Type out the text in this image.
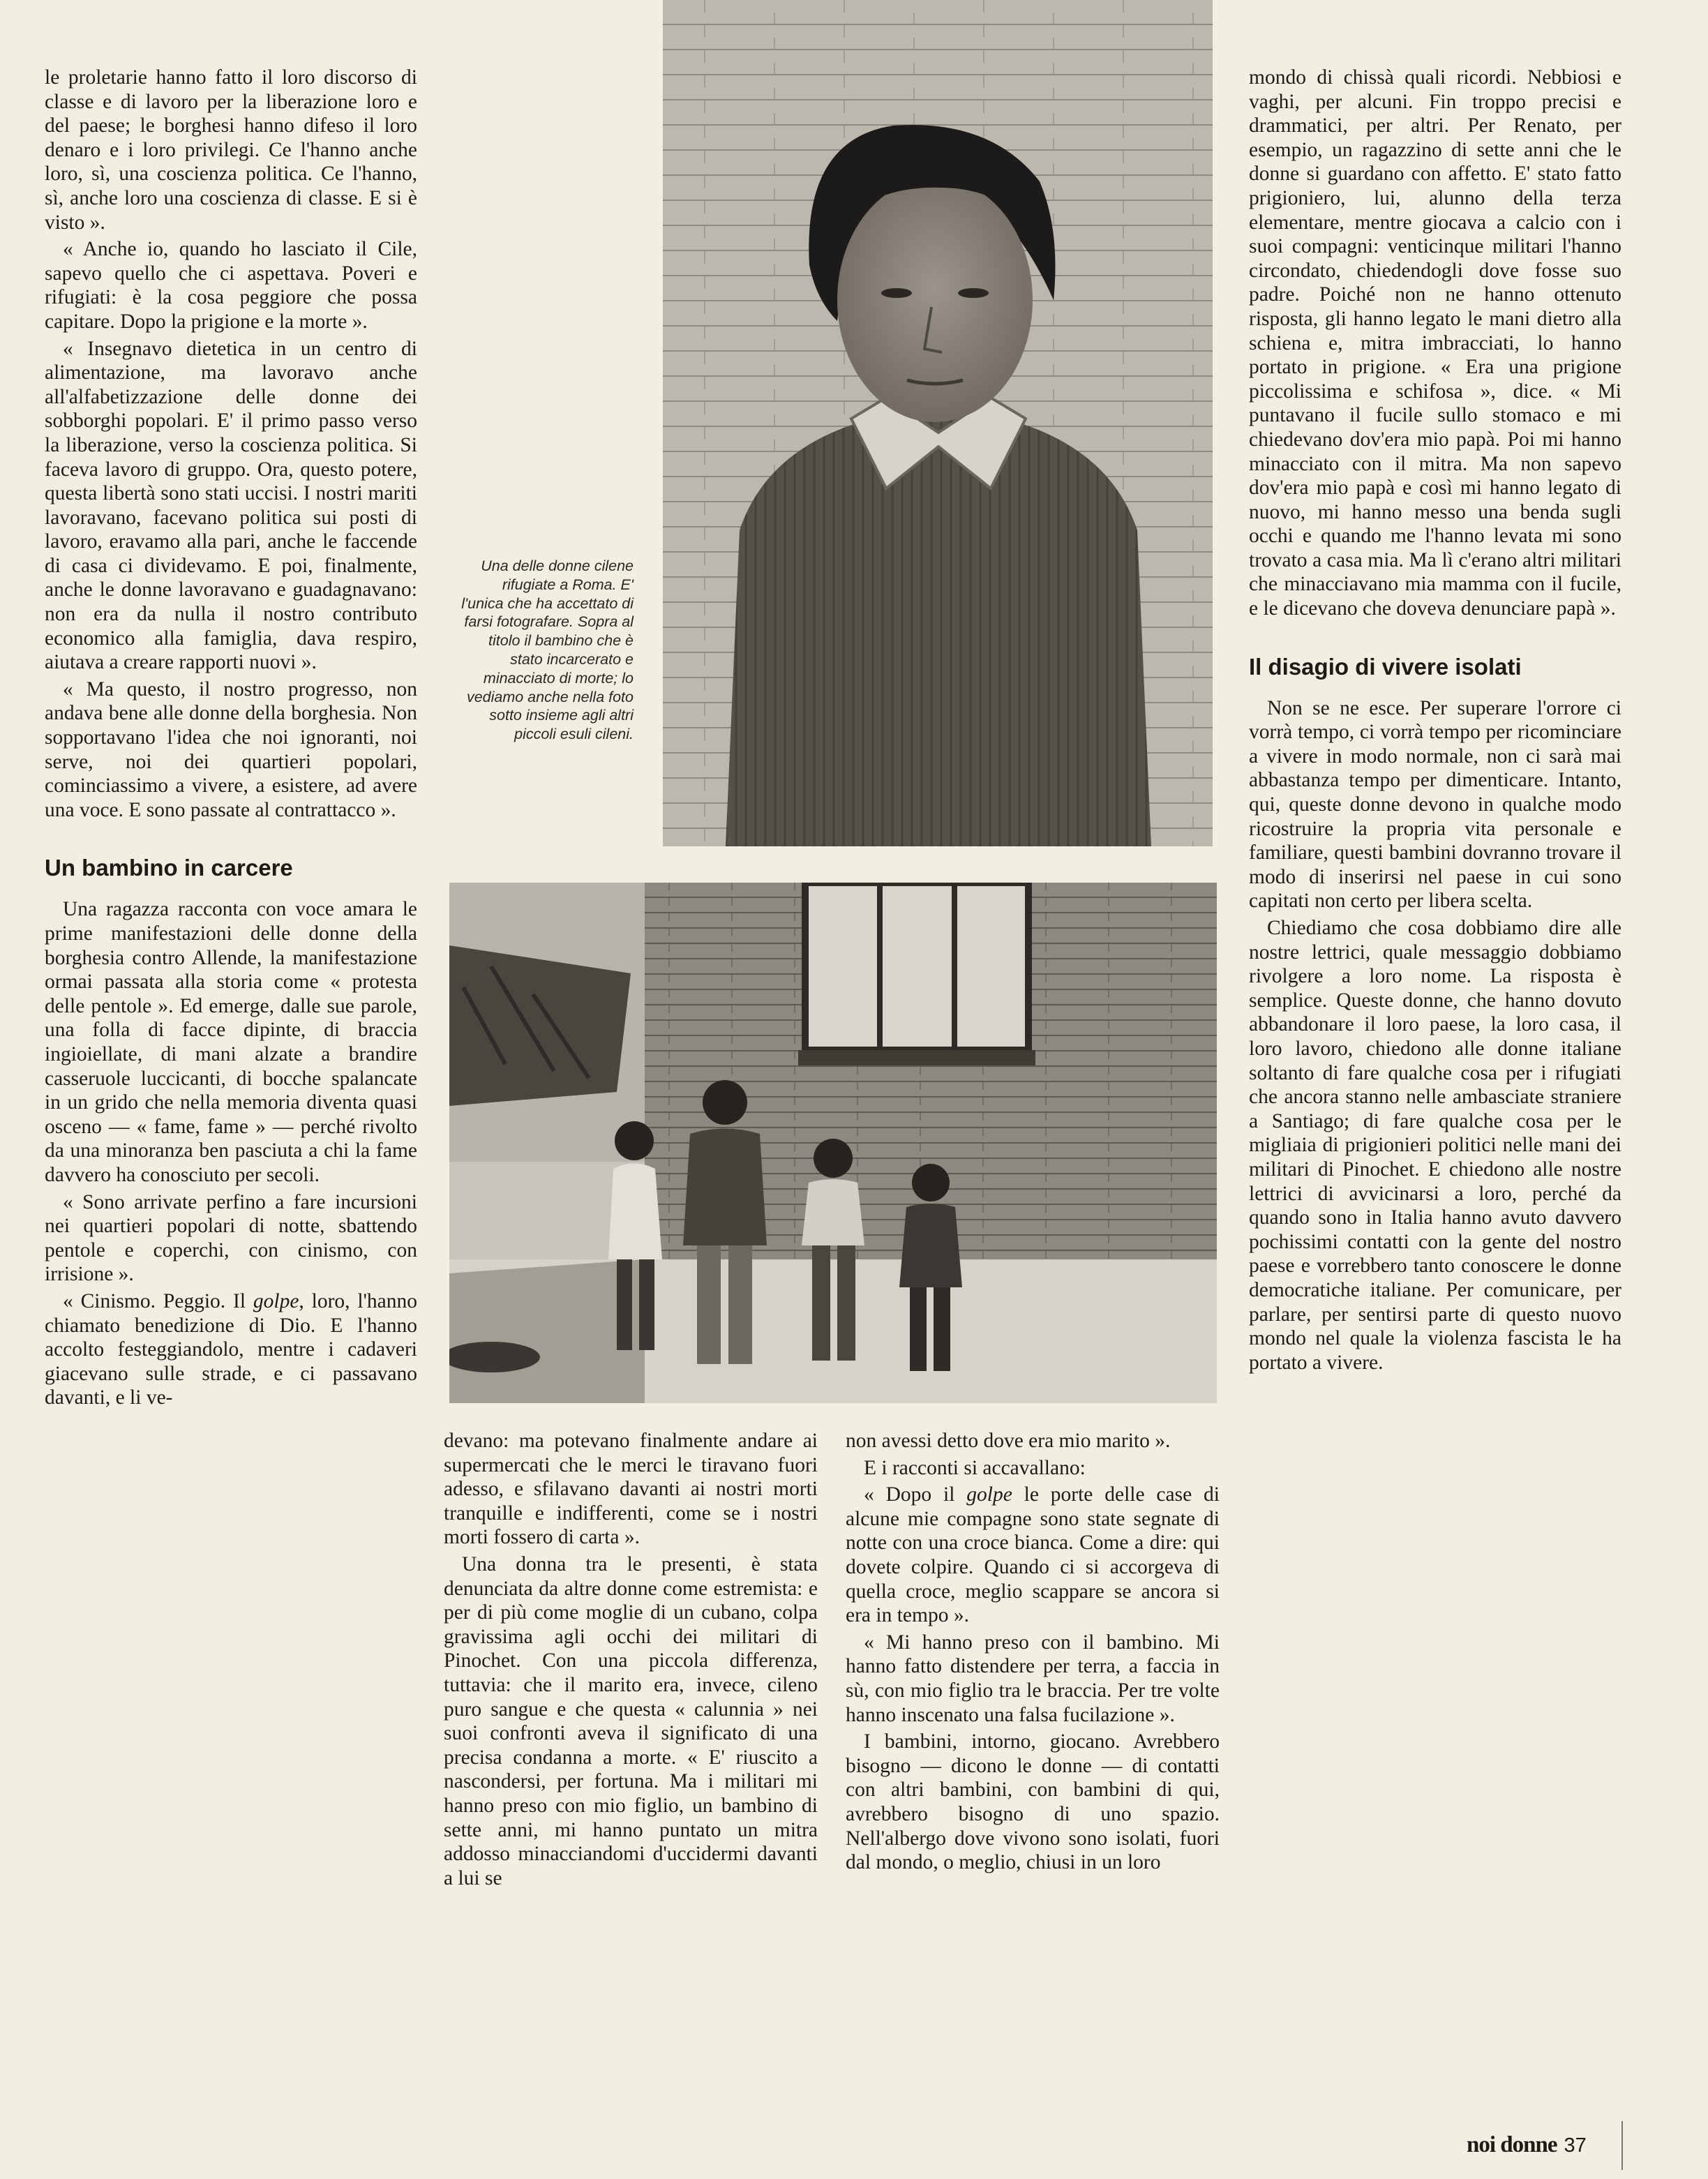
le proletarie hanno fatto il loro discorso di classe e di lavoro per la liberazione loro e del paese; le borghesi hanno difeso il loro denaro e i loro privilegi. Ce l'hanno anche loro, sì, una coscienza politica. Ce l'hanno, sì, anche loro una coscienza di classe. E si è visto ».

« Anche io, quando ho lasciato il Cile, sapevo quello che ci aspettava. Poveri e rifugiati: è la cosa peggiore che possa capitare. Dopo la prigione e la morte ».

« Insegnavo dietetica in un centro di alimentazione, ma lavoravo anche all'alfabetizzazione delle donne dei sobborghi popolari. E' il primo passo verso la liberazione, verso la coscienza politica. Si faceva lavoro di gruppo. Ora, questo potere, questa libertà sono stati uccisi. I nostri mariti lavoravano, facevano politica sui posti di lavoro, eravamo alla pari, anche le faccende di casa ci dividevamo. E poi, finalmente, anche le donne lavoravano e guadagnavano: non era da nulla il nostro contributo economico alla famiglia, dava respiro, aiutava a creare rapporti nuovi ».

« Ma questo, il nostro progresso, non andava bene alle donne della borghesia. Non sopportavano l'idea che noi ignoranti, noi serve, noi dei quartieri popolari, cominciassimo a vivere, a esistere, ad avere una voce. E sono passate al contrattacco ».

Un bambino in carcere

Una ragazza racconta con voce amara le prime manifestazioni delle donne della borghesia contro Allende, la manifestazione ormai passata alla storia come « protesta delle pentole ». Ed emerge, dalle sue parole, una folla di facce dipinte, di braccia ingioiellate, di mani alzate a brandire casseruole luccicanti, di bocche spalancate in un grido che nella memoria diventa quasi osceno — « fame, fame » — perché rivolto da una minoranza ben pasciuta a chi la fame davvero ha conosciuto per secoli.

« Sono arrivate perfino a fare incursioni nei quartieri popolari di notte, sbattendo pentole e coperchi, con cinismo, con irrisione ».

« Cinismo. Peggio. Il golpe, loro, l'hanno chiamato benedizione di Dio. E l'hanno accolto festeggiandolo, mentre i cadaveri giacevano sulle strade, e ci passavano davanti, e li ve-

Una delle donne cilene rifugiate a Roma. E' l'unica che ha accettato di farsi fotografare. Sopra al titolo il bambino che è stato incarcerato e minacciato di morte; lo vediamo anche nella foto sotto insieme agli altri piccoli esuli cileni.

devano: ma potevano finalmente andare ai supermercati che le merci le tiravano fuori adesso, e sfilavano davanti ai nostri morti tranquille e indifferenti, come se i nostri morti fossero di carta ».

Una donna tra le presenti, è stata denunciata da altre donne come estremista: e per di più come moglie di un cubano, colpa gravissima agli occhi dei militari di Pinochet. Con una piccola differenza, tuttavia: che il marito era, invece, cileno puro sangue e che questa « calunnia » nei suoi confronti aveva il significato di una precisa condanna a morte. « E' riuscito a nascondersi, per fortuna. Ma i militari mi hanno preso con mio figlio, un bambino di sette anni, mi hanno puntato un mitra addosso minacciandomi d'uccidermi davanti a lui se

non avessi detto dove era mio marito ».

E i racconti si accavallano:

« Dopo il golpe le porte delle case di alcune mie compagne sono state segnate di notte con una croce bianca. Come a dire: qui dovete colpire. Quando ci si accorgeva di quella croce, meglio scappare se ancora si era in tempo ».

« Mi hanno preso con il bambino. Mi hanno fatto distendere per terra, a faccia in sù, con mio figlio tra le braccia. Per tre volte hanno inscenato una falsa fucilazione ».

I bambini, intorno, giocano. Avrebbero bisogno — dicono le donne — di contatti con altri bambini, con bambini di qui, avrebbero bisogno di uno spazio. Nell'albergo dove vivono sono isolati, fuori dal mondo, o meglio, chiusi in un loro

mondo di chissà quali ricordi. Nebbiosi e vaghi, per alcuni. Fin troppo precisi e drammatici, per altri. Per Renato, per esempio, un ragazzino di sette anni che le donne si guardano con affetto. E' stato fatto prigioniero, lui, alunno della terza elementare, mentre giocava a calcio con i suoi compagni: venticinque militari l'hanno circondato, chiedendogli dove fosse suo padre. Poiché non ne hanno ottenuto risposta, gli hanno legato le mani dietro alla schiena e, mitra imbracciati, lo hanno portato in prigione. « Era una prigione piccolissima e schifosa », dice. « Mi puntavano il fucile sullo stomaco e mi chiedevano dov'era mio papà. Poi mi hanno minacciato con il mitra. Ma non sapevo dov'era mio papà e così mi hanno legato di nuovo, mi hanno messo una benda sugli occhi e quando me l'hanno levata mi sono trovato a casa mia. Ma lì c'erano altri militari che minacciavano mia mamma con il fucile, e le dicevano che doveva denunciare papà ».

Il disagio di vivere isolati

Non se ne esce. Per superare l'orrore ci vorrà tempo, ci vorrà tempo per ricominciare a vivere in modo normale, non ci sarà mai abbastanza tempo per dimenticare. Intanto, qui, queste donne devono in qualche modo ricostruire la propria vita personale e familiare, questi bambini dovranno trovare il modo di inserirsi nel paese in cui sono capitati non certo per libera scelta.

Chiediamo che cosa dobbiamo dire alle nostre lettrici, quale messaggio dobbiamo rivolgere a loro nome. La risposta è semplice. Queste donne, che hanno dovuto abbandonare il loro paese, la loro casa, il loro lavoro, chiedono alle donne italiane soltanto di fare qualche cosa per i rifugiati che ancora stanno nelle ambasciate straniere a Santiago; di fare qualche cosa per le migliaia di prigionieri politici nelle mani dei militari di Pinochet. E chiedono alle nostre lettrici di avvicinarsi a loro, perché da quando sono in Italia hanno avuto davvero pochissimi contatti con la gente del nostro paese e vorrebbero tanto conoscere le donne democratiche italiane. Per comunicare, per parlare, per sentirsi parte di questo nuovo mondo nel quale la violenza fascista le ha portato a vivere.

noi donne 37
